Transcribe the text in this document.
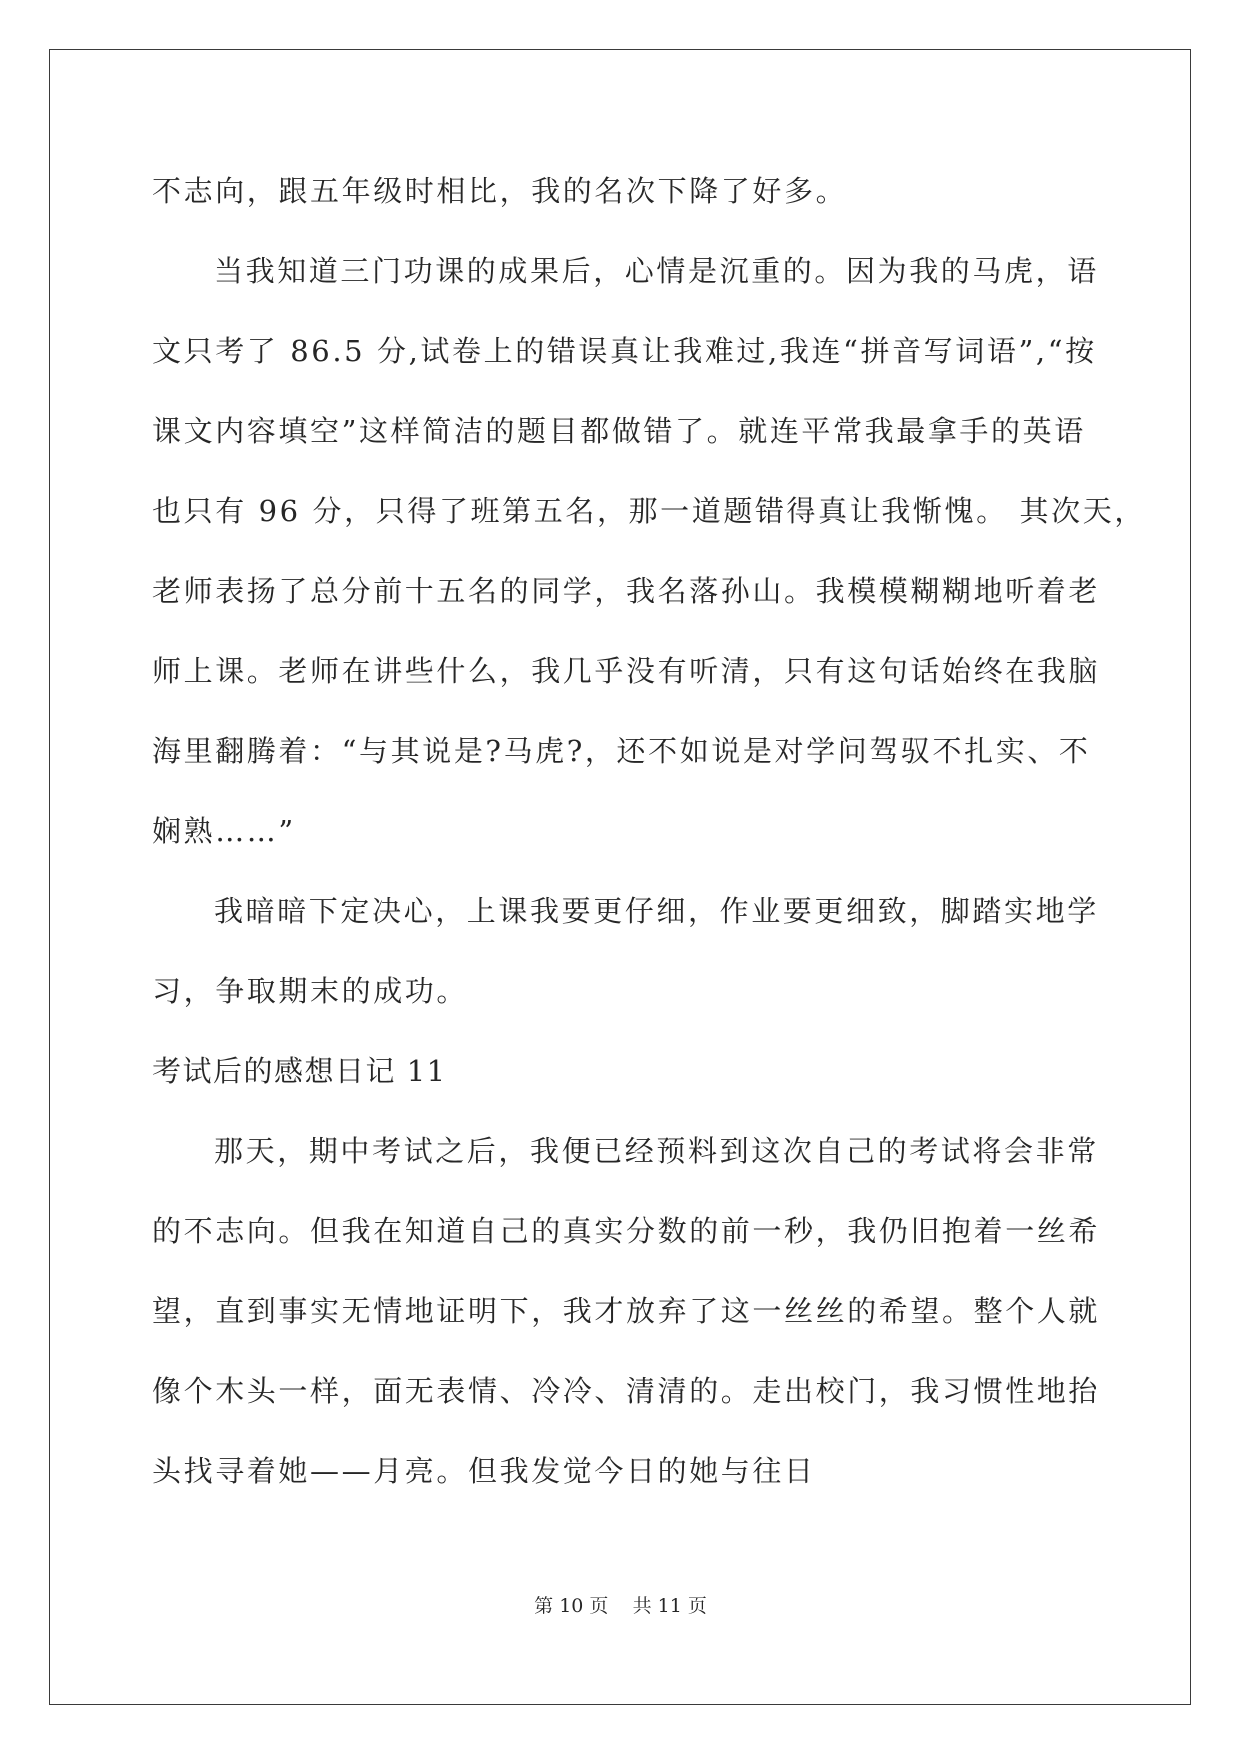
不志向，跟五年级时相比，我的名次下降了好多。
当我知道三门功课的成果后，心情是沉重的。因为我的马虎，语
文只考了 86.5 分,试卷上的错误真让我难过,我连“拼音写词语”,“按
课文内容填空”这样简洁的题目都做错了。就连平常我最拿手的英语
也只有 96 分，只得了班第五名，那一道题错得真让我惭愧。 其次天，
老师表扬了总分前十五名的同学，我名落孙山。我模模糊糊地听着老
师上课。老师在讲些什么，我几乎没有听清，只有这句话始终在我脑
海里翻腾着：“与其说是?马虎?，还不如说是对学问驾驭不扎实、不
娴熟……”
我暗暗下定决心，上课我要更仔细，作业要更细致，脚踏实地学
习，争取期末的成功。
考试后的感想日记 11
那天，期中考试之后，我便已经预料到这次自己的考试将会非常
的不志向。但我在知道自己的真实分数的前一秒，我仍旧抱着一丝希
望，直到事实无情地证明下，我才放弃了这一丝丝的希望。整个人就
像个木头一样，面无表情、冷冷、清清的。走出校门，我习惯性地抬
头找寻着她——月亮。但我发觉今日的她与往日
第 10 页    共 11 页
